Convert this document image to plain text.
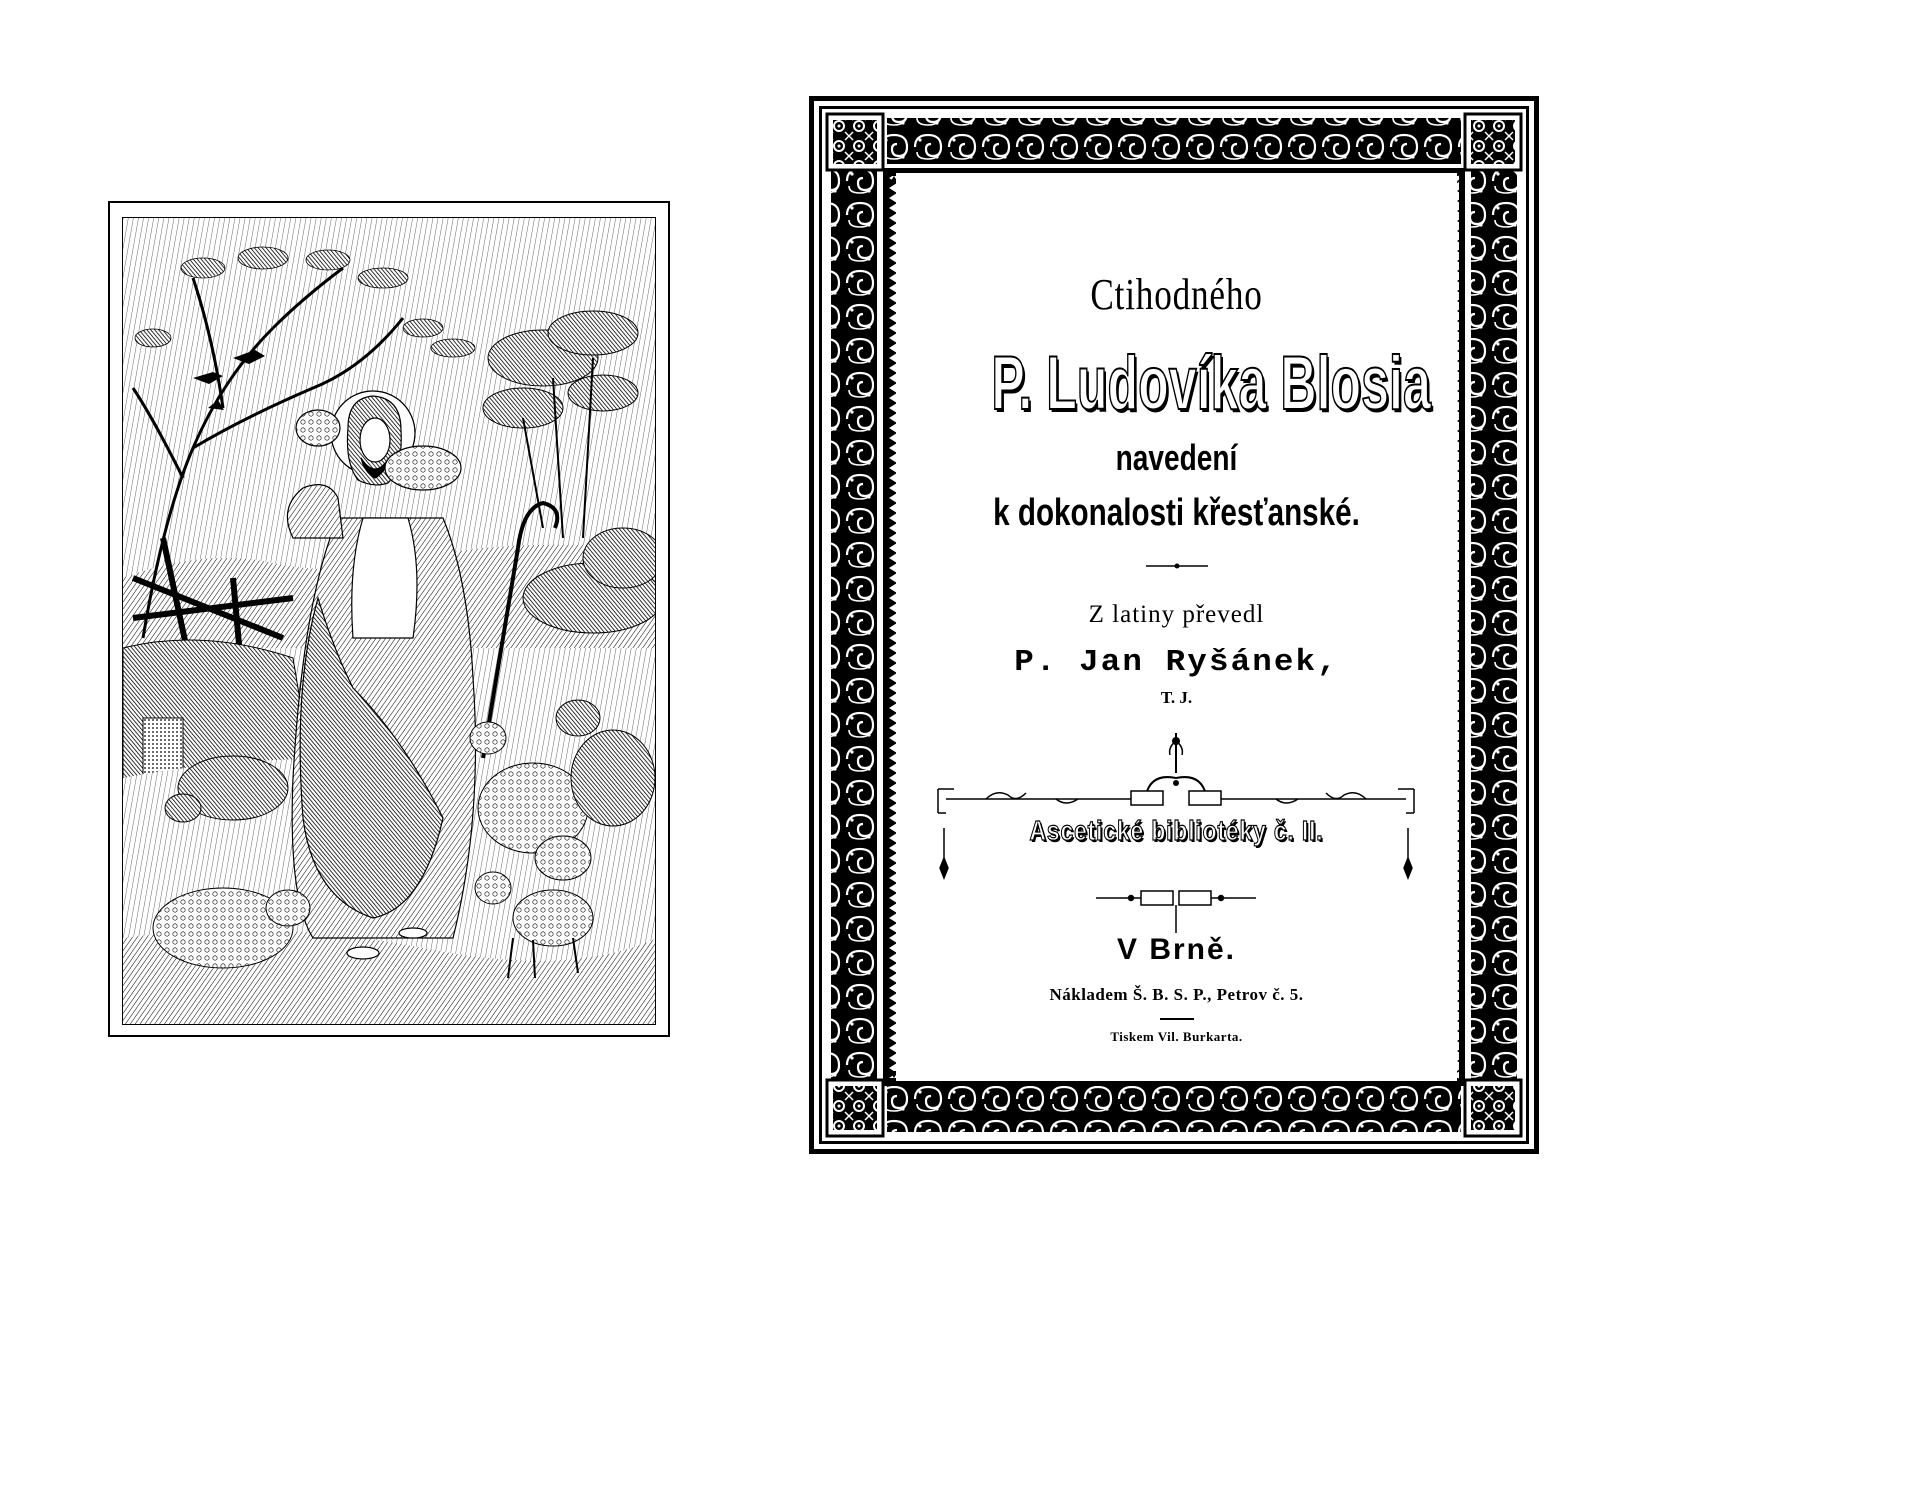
Ctihodného
P. Ludovíka Blosia
navedení
k dokonalosti křesťanské.
Z latiny převedl
P. Jan Ryšánek,
T. J.
Ascetické bibliotéky č. II.
V Brně.
Nákladem Š. B. S. P., Petrov č. 5.
Tiskem Vil. Burkarta.
